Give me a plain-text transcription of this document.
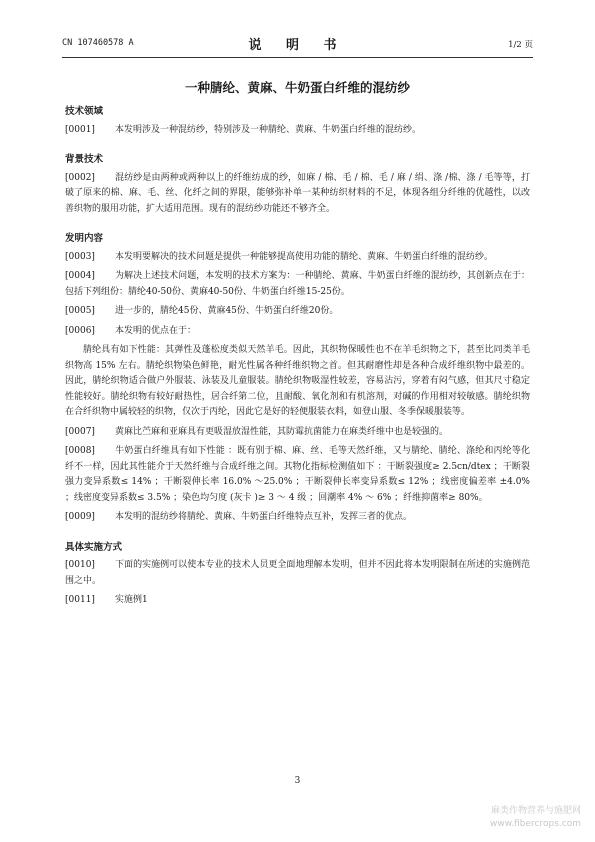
CN 107460578 A	说 明 书	1/2 页
一种腈纶、黄麻、牛奶蛋白纤维的混纺纱
技术领域

[0001] 本发明涉及一种混纺纱，特别涉及一种腈纶、黄麻、牛奶蛋白纤维的混纺纱。

背景技术

[0002] 混纺纱是由两种或两种以上的纤维纺成的纱，如麻 / 棉、毛 / 棉、毛 / 麻 / 绢、涤 /棉、涤 / 毛等等，打破了原来的棉、麻、毛、丝、化纤之间的界限，能够弥补单一某种纺织材料的不足，体现各组分纤维的优越性，以改善织物的服用功能，扩大适用范围。现有的混纺纱功能还不够齐全。

发明内容

[0003] 本发明要解决的技术问题是提供一种能够提高使用功能的腈纶、黄麻、牛奶蛋白纤维的混纺纱。

[0004] 为解决上述技术问题，本发明的技术方案为：一种腈纶、黄麻、牛奶蛋白纤维的混纺纱，其创新点在于：包括下列组份：腈纶40-50份、黄麻40-50份、牛奶蛋白纤维15-25份。

[0005] 进一步的，腈纶45份、黄麻45份、牛奶蛋白纤维20份。

[0006] 本发明的优点在于：

腈纶具有如下性能：其弹性及蓬松度类似天然羊毛。因此，其织物保暖性也不在羊毛织物之下，甚至比同类羊毛织物高 15% 左右。腈纶织物染色鲜艳，耐光性属各种纤维织物之首。但其耐磨性却是各种合成纤维织物中最差的。因此，腈纶织物适合做户外服装、泳装及儿童服装。腈纶织物吸湿性较差，容易沾污，穿着有闷气感，但其尺寸稳定性能较好。腈纶织物有较好耐热性，居合纤第二位，且耐酸、氧化剂和有机溶剂，对碱的作用相对较敏感。腈纶织物在合纤织物中属较轻的织物，仅次于丙纶，因此它是好的轻便服装衣料，如登山服、冬季保暖服装等。

[0007] 黄麻比苎麻和亚麻具有更吸湿放湿性能，其防霉抗菌能力在麻类纤维中也是较强的。

[0008] 牛奶蛋白纤维具有如下性能 ：既有别于棉、麻、丝、毛等天然纤维，又与腈纶、腈纶、涤纶和丙纶等化纤不一样，因此其性能介于天然纤维与合成纤维之间。其物化指标检测值如下 ：干断裂强度≥ 2.5cn/dtex ；干断裂强力变异系数≤ 14% ；干断裂伸长率 16.0% ～25.0% ；干断裂伸长率变异系数≤ 12% ；线密度偏差率 ±4.0% ；线密度变异系数≤ 3.5% ；染色均匀度 (灰卡 )≥ 3 ～ 4 级 ；回潮率 4% ～ 6% ；纤维抑菌率≥ 80%。

[0009] 本发明的混纺纱将腈纶、黄麻、牛奶蛋白纤维特点互补，发挥三者的优点。

具体实施方式

[0010] 下面的实施例可以使本专业的技术人员更全面地理解本发明，但并不因此将本发明限制在所述的实施例范围之中。

[0011] 实施例1

3
麻类作物营养与施肥网
www.fibercrops.com
